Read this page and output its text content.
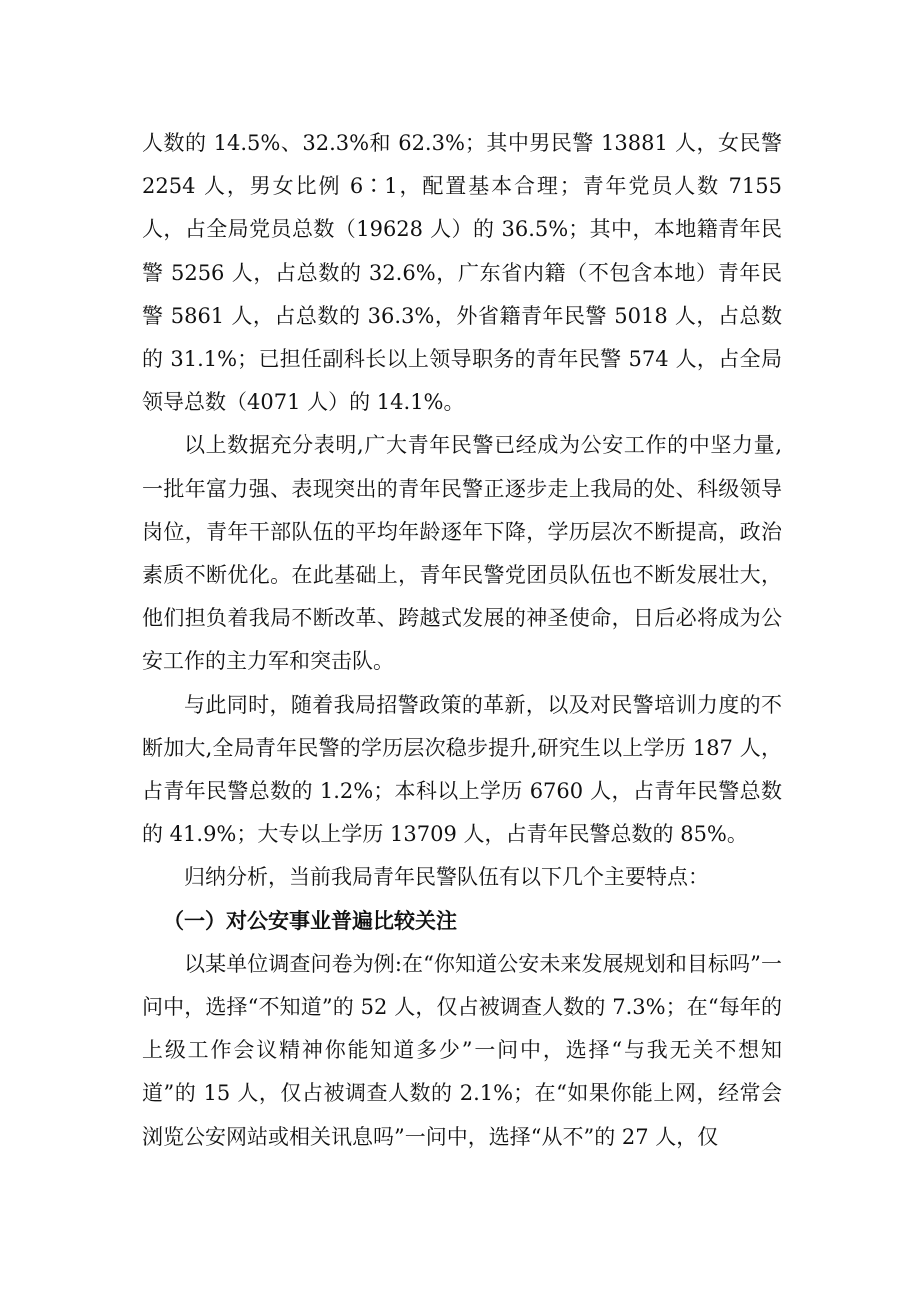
人数的 14.5%、32.3%和 62.3%；其中男民警 13881 人，女民警 2254 人，男女比例 6∶1，配置基本合理；青年党员人数 7155 人，占全局党员总数（19628 人）的 36.5%；其中，本地籍青年民警 5256 人，占总数的 32.6%，广东省内籍（不包含本地）青年民警 5861 人，占总数的 36.3%，外省籍青年民警 5018 人，占总数的 31.1%；已担任副科长以上领导职务的青年民警 574 人，占全局领导总数（4071 人）的 14.1%。

以上数据充分表明,广大青年民警已经成为公安工作的中坚力量,一批年富力强、表现突出的青年民警正逐步走上我局的处、科级领导岗位，青年干部队伍的平均年龄逐年下降，学历层次不断提高，政治素质不断优化。在此基础上，青年民警党团员队伍也不断发展壮大，他们担负着我局不断改革、跨越式发展的神圣使命，日后必将成为公安工作的主力军和突击队。

与此同时，随着我局招警政策的革新，以及对民警培训力度的不断加大,全局青年民警的学历层次稳步提升,研究生以上学历 187 人，占青年民警总数的 1.2%；本科以上学历 6760 人，占青年民警总数的 41.9%；大专以上学历 13709 人，占青年民警总数的 85%。

归纳分析，当前我局青年民警队伍有以下几个主要特点：

（一）对公安事业普遍比较关注

以某单位调查问卷为例:在“你知道公安未来发展规划和目标吗”一问中，选择“不知道”的 52 人，仅占被调查人数的 7.3%；在“每年的上级工作会议精神你能知道多少”一问中，选择“与我无关不想知道”的 15 人，仅占被调查人数的 2.1%；在“如果你能上网，经常会浏览公安网站或相关讯息吗”一问中，选择“从不”的 27 人，仅
